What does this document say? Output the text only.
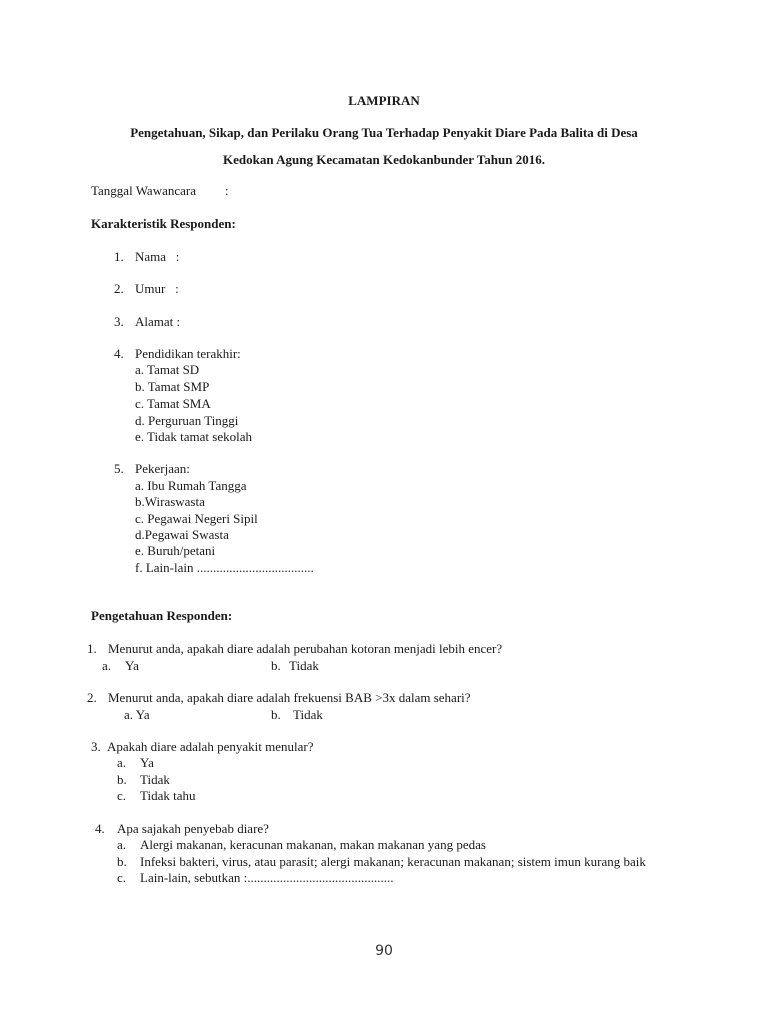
LAMPIRAN
Pengetahuan, Sikap, dan Perilaku Orang Tua Terhadap Penyakit Diare Pada Balita di Desa
Kedokan Agung Kecamatan Kedokanbunder Tahun 2016.
Tanggal Wawancara :
Karakteristik Responden:
1. Nama   :
2. Umur   :
3. Alamat :
4. Pendidikan terakhir:
a. Tamat SD
b. Tamat SMP
c. Tamat SMA
d. Perguruan Tinggi
e. Tidak tamat sekolah
5. Pekerjaan:
a. Ibu Rumah Tangga
b.Wiraswasta
c. Pegawai Negeri Sipil
d.Pegawai Swasta
e. Buruh/petani
f. Lain-lain ....................................
Pengetahuan Responden:
1. Menurut anda, apakah diare adalah perubahan kotoran menjadi lebih encer?
a. Ya	b. Tidak
2. Menurut anda, apakah diare adalah frekuensi BAB >3x dalam sehari?
a. Ya	b. Tidak
3. Apakah diare adalah penyakit menular?
a. Ya
b. Tidak
c. Tidak tahu
4. Apa sajakah penyebab diare?
a. Alergi makanan, keracunan makanan, makan makanan yang pedas
b. Infeksi bakteri, virus, atau parasit; alergi makanan; keracunan makanan; sistem imun kurang baik
c. Lain-lain, sebutkan :.............................................
90
